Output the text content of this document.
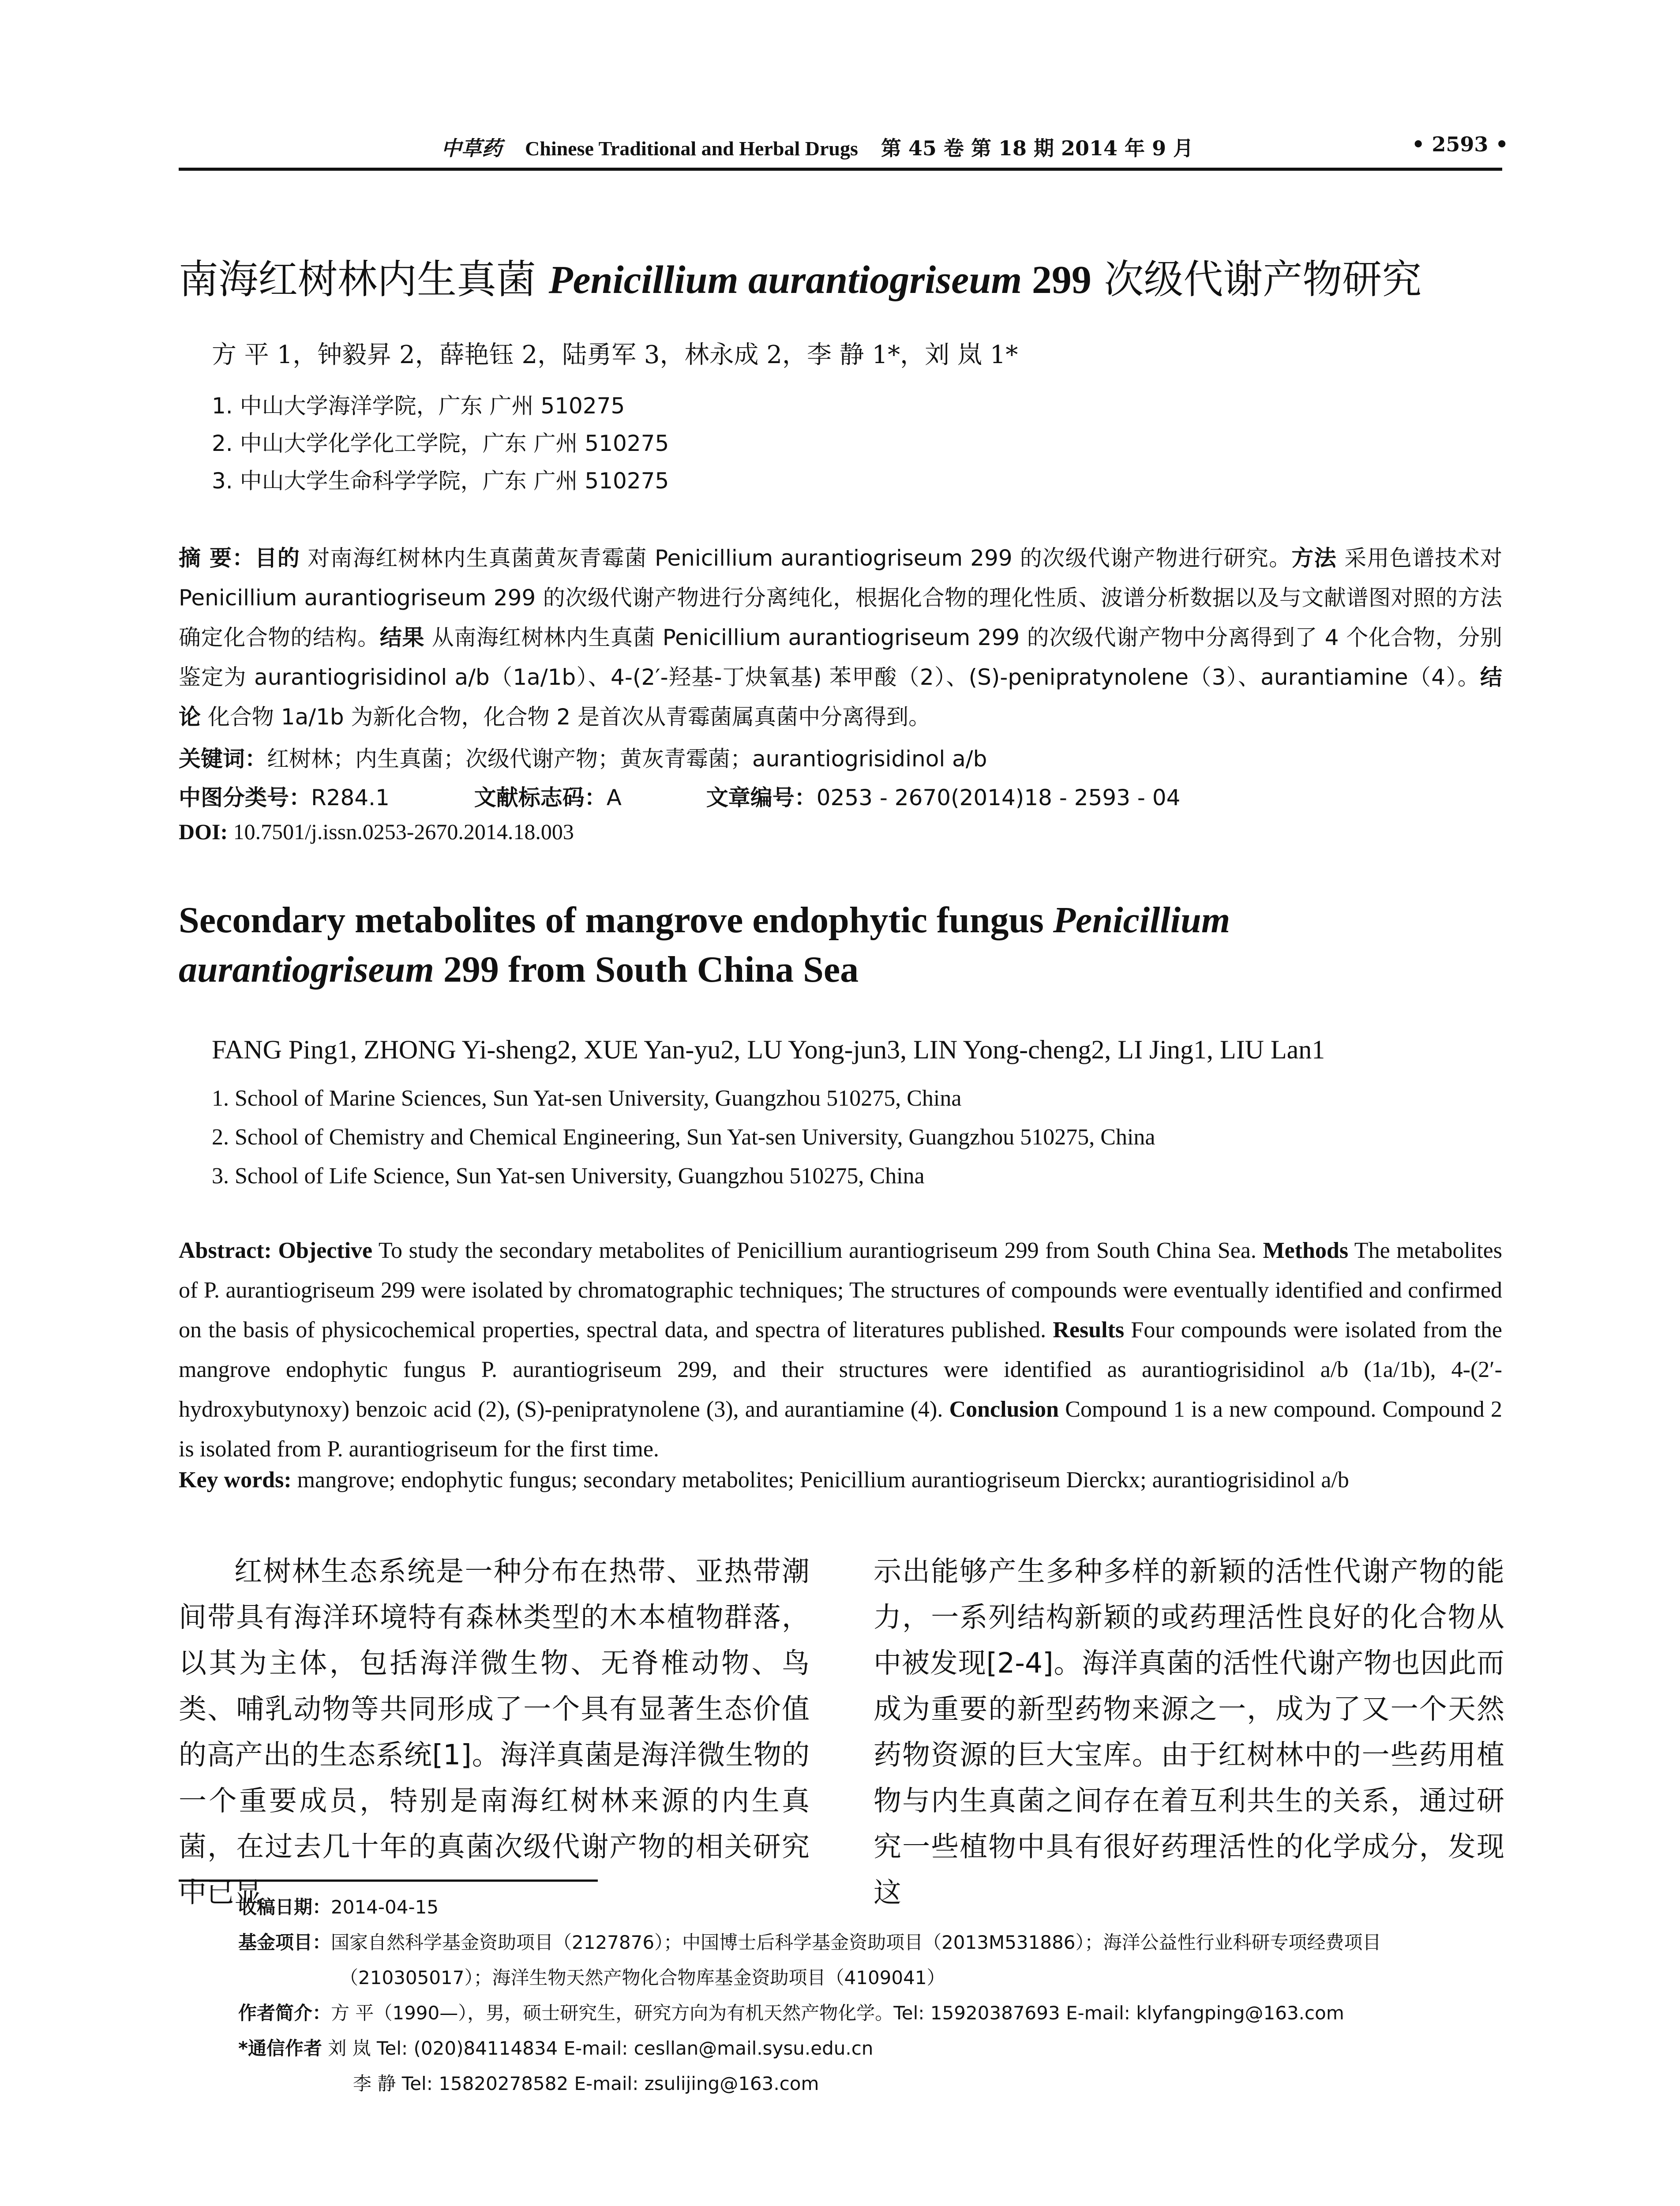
中草药 Chinese Traditional and Herbal Drugs 第 45 卷 第 18 期 2014 年 9 月	• 2593 •
南海红树林内生真菌 Penicillium aurantiogriseum 299 次级代谢产物研究
方 平 1，钟毅昇 2，薛艳钰 2，陆勇军 3，林永成 2，李 静 1*，刘 岚 1*
1. 中山大学海洋学院，广东 广州 510275
2. 中山大学化学化工学院，广东 广州 510275
3. 中山大学生命科学学院，广东 广州 510275
摘 要：目的 对南海红树林内生真菌黄灰青霉菌 Penicillium aurantiogriseum 299 的次级代谢产物进行研究。方法 采用色谱技术对 Penicillium aurantiogriseum 299 的次级代谢产物进行分离纯化，根据化合物的理化性质、波谱分析数据以及与文献谱图对照的方法确定化合物的结构。结果 从南海红树林内生真菌 Penicillium aurantiogriseum 299 的次级代谢产物中分离得到了 4 个化合物，分别鉴定为 aurantiogrisidinol a/b（1a/1b）、4-(2′-羟基-丁炔氧基) 苯甲酸（2）、(S)-penipratynolene（3）、aurantiamine（4）。结论 化合物 1a/1b 为新化合物，化合物 2 是首次从青霉菌属真菌中分离得到。
关键词：红树林；内生真菌；次级代谢产物；黄灰青霉菌；aurantiogrisidinol a/b
中图分类号：R284.1	文献标志码：A	文章编号：0253 - 2670(2014)18 - 2593 - 04
DOI: 10.7501/j.issn.0253-2670.2014.18.003
Secondary metabolites of mangrove endophytic fungus Penicillium
aurantiogriseum 299 from South China Sea
FANG Ping1, ZHONG Yi-sheng2, XUE Yan-yu2, LU Yong-jun3, LIN Yong-cheng2, LI Jing1, LIU Lan1
1. School of Marine Sciences, Sun Yat-sen University, Guangzhou 510275, China
2. School of Chemistry and Chemical Engineering, Sun Yat-sen University, Guangzhou 510275, China
3. School of Life Science, Sun Yat-sen University, Guangzhou 510275, China
Abstract: Objective To study the secondary metabolites of Penicillium aurantiogriseum 299 from South China Sea. Methods The metabolites of P. aurantiogriseum 299 were isolated by chromatographic techniques; The structures of compounds were eventually identified and confirmed on the basis of physicochemical properties, spectral data, and spectra of literatures published. Results Four compounds were isolated from the mangrove endophytic fungus P. aurantiogriseum 299, and their structures were identified as aurantiogrisidinol a/b (1a/1b), 4-(2′-hydroxybutynoxy) benzoic acid (2), (S)-penipratynolene (3), and aurantiamine (4). Conclusion Compound 1 is a new compound. Compound 2 is isolated from P. aurantiogriseum for the first time.
Key words: mangrove; endophytic fungus; secondary metabolites; Penicillium aurantiogriseum Dierckx; aurantiogrisidinol a/b
红树林生态系统是一种分布在热带、亚热带潮间带具有海洋环境特有森林类型的木本植物群落，以其为主体，包括海洋微生物、无脊椎动物、鸟类、哺乳动物等共同形成了一个具有显著生态价值的高产出的生态系统[1]。海洋真菌是海洋微生物的一个重要成员，特别是南海红树林来源的内生真菌，在过去几十年的真菌次级代谢产物的相关研究中已显
示出能够产生多种多样的新颖的活性代谢产物的能力，一系列结构新颖的或药理活性良好的化合物从中被发现[2-4]。海洋真菌的活性代谢产物也因此而成为重要的新型药物来源之一，成为了又一个天然药物资源的巨大宝库。由于红树林中的一些药用植物与内生真菌之间存在着互利共生的关系，通过研究一些植物中具有很好药理活性的化学成分，发现这
收稿日期：2014-04-15
基金项目：国家自然科学基金资助项目（2127876）；中国博士后科学基金资助项目（2013M531886）；海洋公益性行业科研专项经费项目
（210305017）；海洋生物天然产物化合物库基金资助项目（4109041）
作者简介：方 平（1990—），男，硕士研究生，研究方向为有机天然产物化学。Tel: 15920387693 E-mail: klyfangping@163.com
*通信作者 刘 岚 Tel: (020)84114834 E-mail: cesllan@mail.sysu.edu.cn
李 静 Tel: 15820278582 E-mail: zsulijing@163.com
